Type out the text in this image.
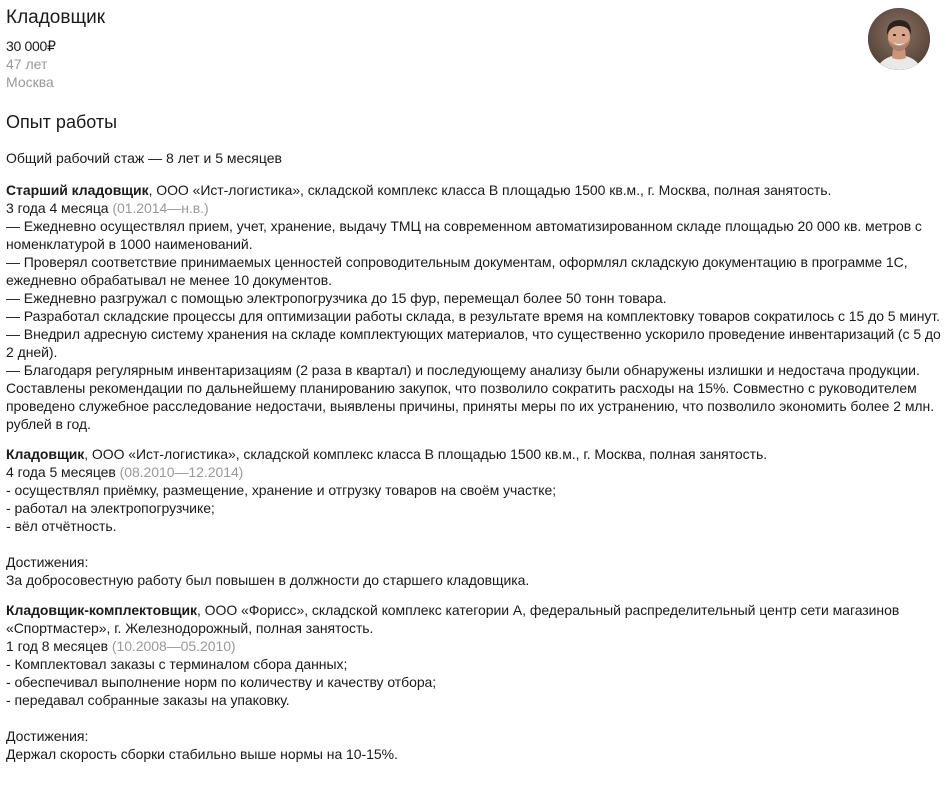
Кладовщик
30 000₽
47 лет
Москва
Опыт работы
Общий рабочий стаж — 8 лет и 5 месяцев
Старший кладовщик, ООО «Ист-логистика», складской комплекс класса В площадью 1500 кв.м., г. Москва, полная занятость.
3 года 4 месяца (01.2014—н.в.)
— Ежедневно осуществлял прием, учет, хранение, выдачу ТМЦ на современном автоматизированном складе площадью 20 000 кв. метров с номенклатурой в 1000 наименований.
— Проверял соответствие принимаемых ценностей сопроводительным документам, оформлял складскую документацию в программе 1С, ежедневно обрабатывал не менее 10 документов.
— Ежедневно разгружал с помощью электропогрузчика до 15 фур, перемещал более 50 тонн товара.
— Разработал складские процессы для оптимизации работы склада, в результате время на комплектовку товаров сократилось с 15 до 5 минут.
— Внедрил адресную систему хранения на складе комплектующих материалов, что существенно ускорило проведение инвентаризаций (с 5 до 2 дней).
— Благодаря регулярным инвентаризациям (2 раза в квартал) и последующему анализу были обнаружены излишки и недостача продукции. Составлены рекомендации по дальнейшему планированию закупок, что позволило сократить расходы на 15%. Совместно с руководителем проведено служебное расследование недостачи, выявлены причины, приняты меры по их устранению, что позволило экономить более 2 млн. рублей в год.
Кладовщик, ООО «Ист-логистика», складской комплекс класса В площадью 1500 кв.м., г. Москва, полная занятость.
4 года 5 месяцев (08.2010—12.2014)
- осуществлял приёмку, размещение, хранение и отгрузку товаров на своём участке;
- работал на электропогрузчике;
- вёл отчётность.
Достижения:
За добросовестную работу был повышен в должности до старшего кладовщика.
Кладовщик-комплектовщик, ООО «Форисс», складской комплекс категории А, федеральный распределительный центр сети магазинов «Спортмастер», г. Железнодорожный, полная занятость.
1 год 8 месяцев (10.2008—05.2010)
- Комплектовал заказы с терминалом сбора данных;
- обеспечивал выполнение норм по количеству и качеству отбора;
- передавал собранные заказы на упаковку.
Достижения:
Держал скорость сборки стабильно выше нормы на 10-15%.
